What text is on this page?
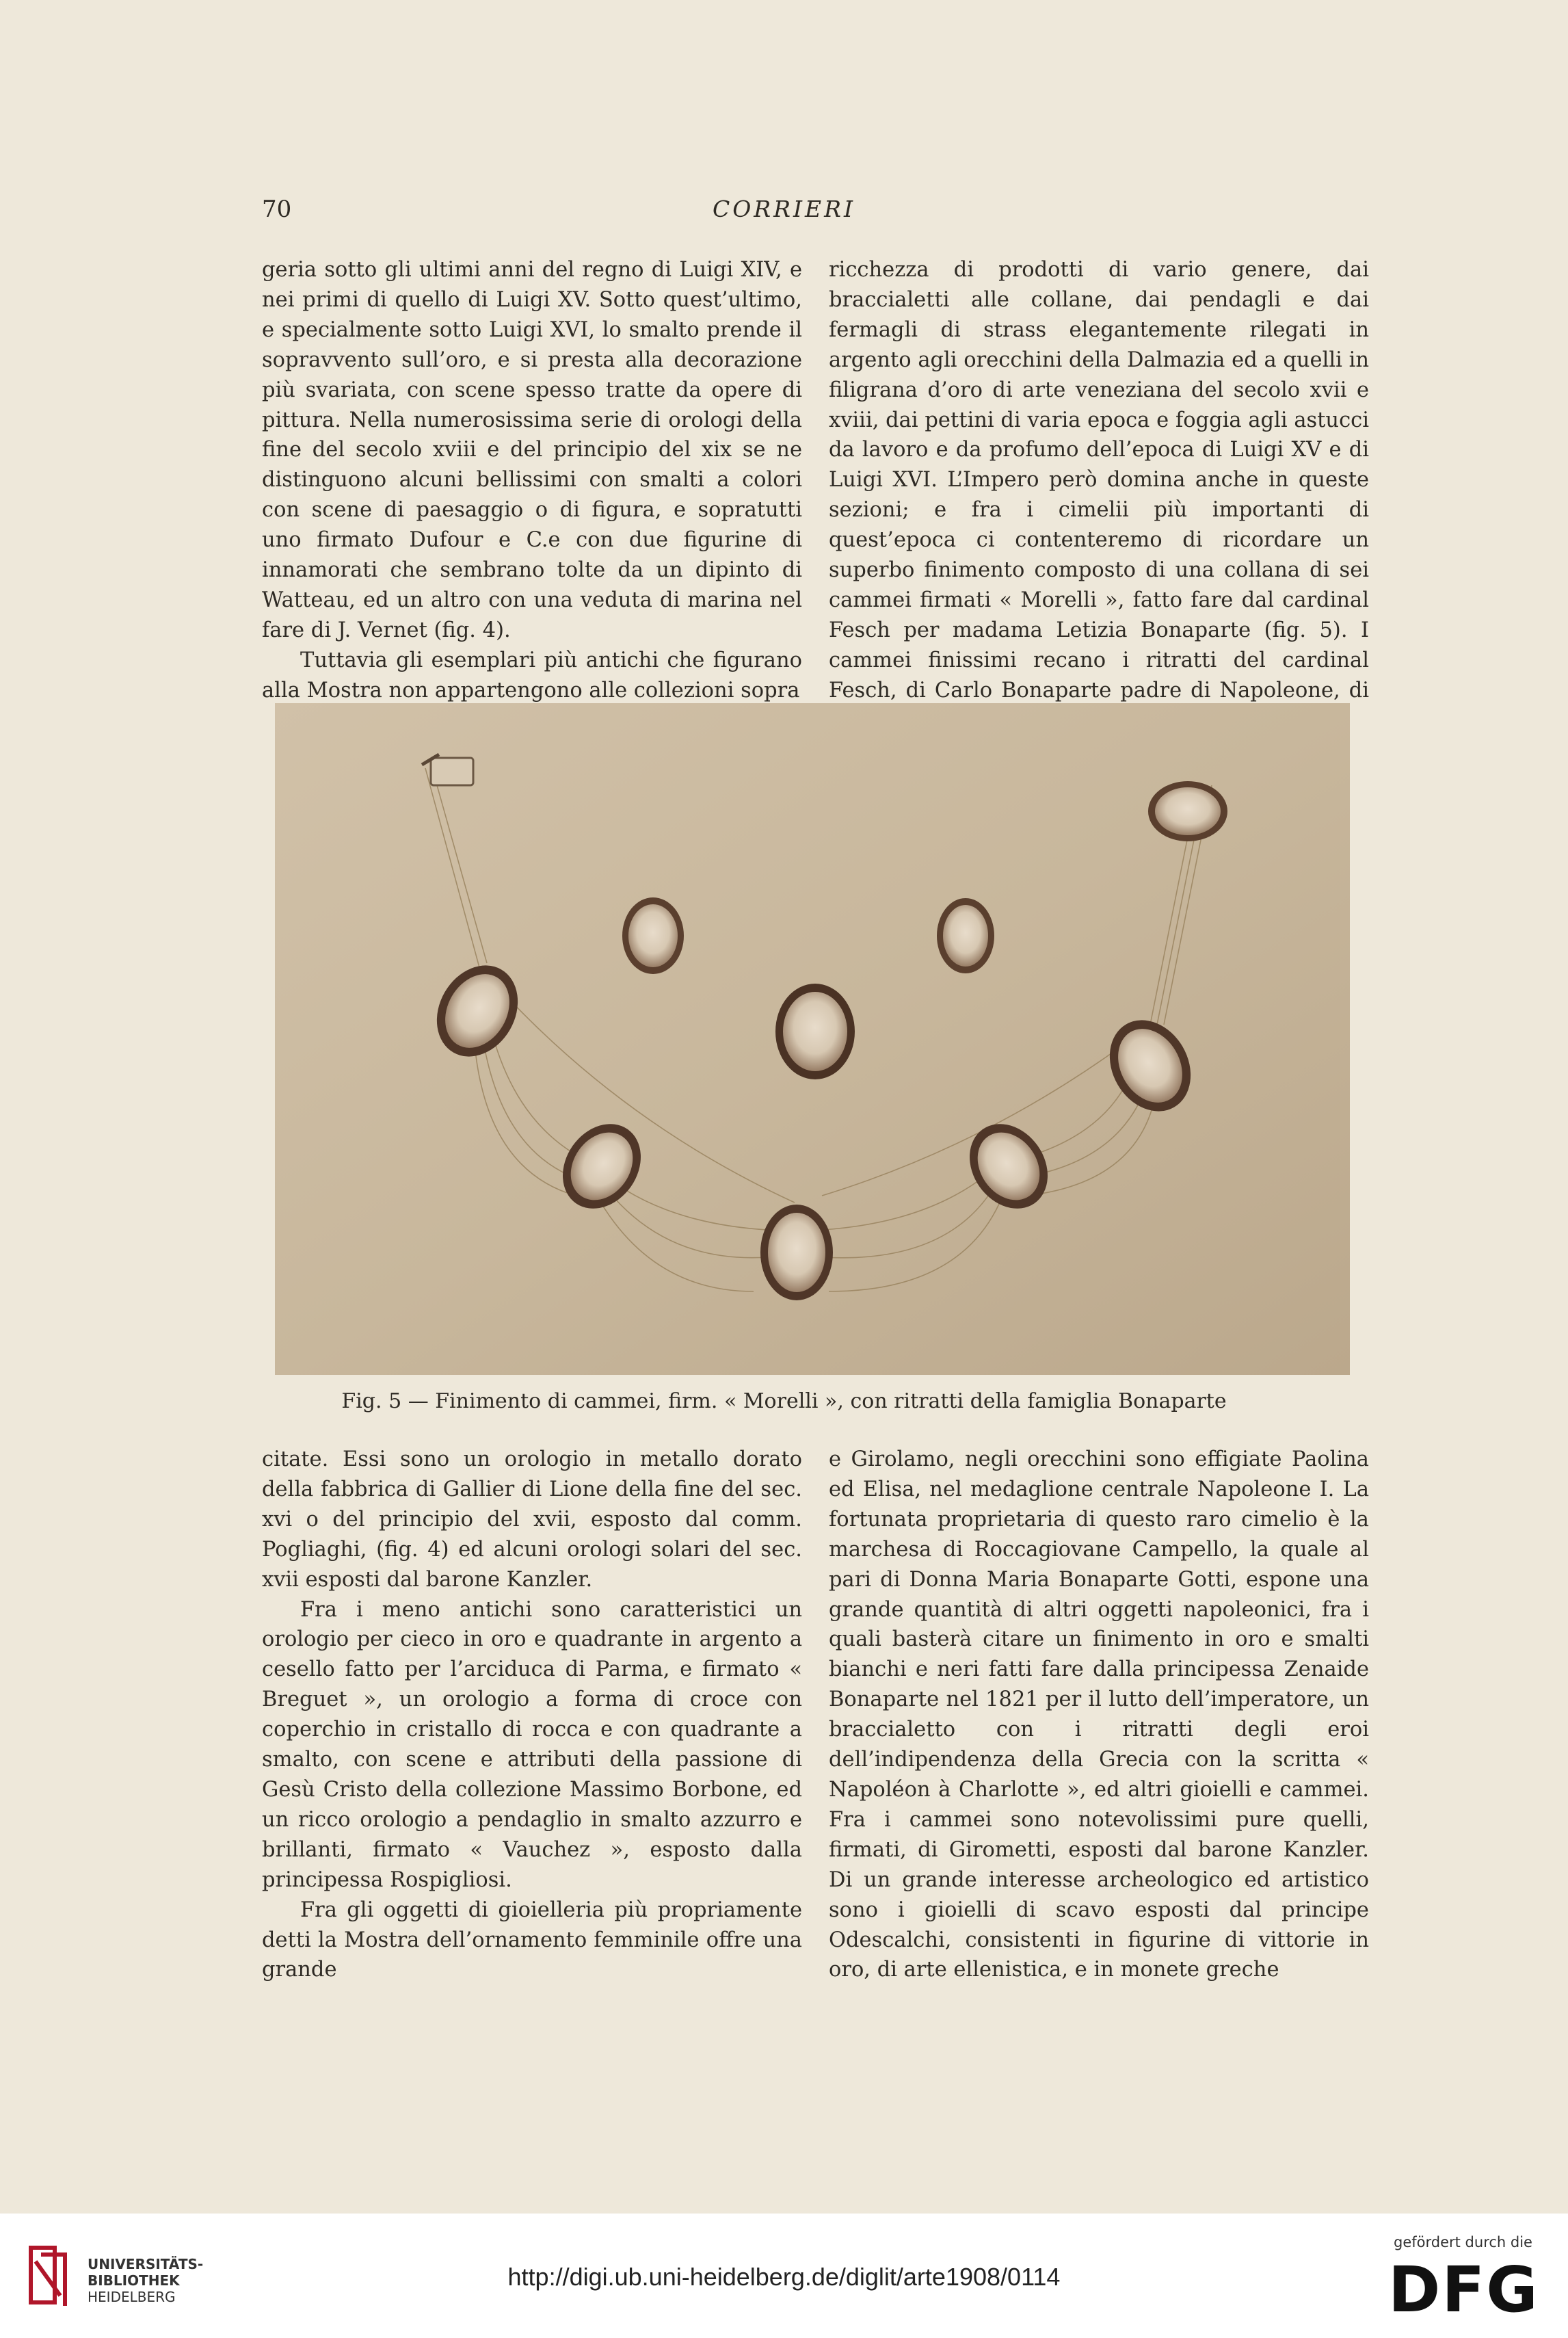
70	CORRIERI

geria sotto gli ultimi anni del regno di Luigi XIV, e nei primi di quello di Luigi XV. Sotto quest’ultimo, e specialmente sotto Luigi XVI, lo smalto prende il sopravvento sull’oro, e si presta alla decorazione più svariata, con scene spesso tratte da opere di pittura. Nella numerosissima serie di orologi della fine del secolo xviii e del principio del xix se ne distinguono alcuni bellissimi con smalti a colori con scene di paesaggio o di figura, e sopratutti uno firmato Dufour e C.e con due figurine di innamorati che sembrano tolte da un dipinto di Watteau, ed un altro con una veduta di marina nel fare di J. Vernet (fig. 4).

Tuttavia gli esemplari più antichi che figurano alla Mostra non appartengono alle collezioni sopra

ricchezza di prodotti di vario genere, dai braccialetti alle collane, dai pendagli e dai fermagli di strass elegantemente rilegati in argento agli orecchini della Dalmazia ed a quelli in filigrana d’oro di arte veneziana del secolo xvii e xviii, dai pettini di varia epoca e foggia agli astucci da lavoro e da profumo dell’epoca di Luigi XV e di Luigi XVI. L’Impero però domina anche in queste sezioni; e fra i cimelii più importanti di quest’epoca ci contenteremo di ricordare un superbo finimento composto di una collana di sei cammei firmati « Morelli », fatto fare dal cardinal Fesch per madama Letizia Bonaparte (fig. 5). I cammei finissimi recano i ritratti del cardinal Fesch, di Carlo Bonaparte padre di Napoleone, di

Fig. 5 — Finimento di cammei, firm. « Morelli », con ritratti della famiglia Bonaparte

citate. Essi sono un orologio in metallo dorato della fabbrica di Gallier di Lione della fine del sec. xvi o del principio del xvii, esposto dal comm. Pogliaghi, (fig. 4) ed alcuni orologi solari del sec. xvii esposti dal barone Kanzler.

Fra i meno antichi sono caratteristici un orologio per cieco in oro e quadrante in argento a cesello fatto per l’arciduca di Parma, e firmato « Breguet », un orologio a forma di croce con coperchio in cristallo di rocca e con quadrante a smalto, con scene e attributi della passione di Gesù Cristo della collezione Massimo Borbone, ed un ricco orologio a pendaglio in smalto azzurro e brillanti, firmato « Vauchez », esposto dalla principessa Rospigliosi.

Fra gli oggetti di gioielleria più propriamente detti la Mostra dell’ornamento femminile offre una grande

e Girolamo, negli orecchini sono effigiate Paolina ed Elisa, nel medaglione centrale Napoleone I. La fortunata proprietaria di questo raro cimelio è la marchesa di Roccagiovane Campello, la quale al pari di Donna Maria Bonaparte Gotti, espone una grande quantità di altri oggetti napoleonici, fra i quali basterà citare un finimento in oro e smalti bianchi e neri fatti fare dalla principessa Zenaide Bonaparte nel 1821 per il lutto dell’imperatore, un braccialetto con i ritratti degli eroi dell’indipendenza della Grecia con la scritta « Napoléon à Charlotte », ed altri gioielli e cammei. Fra i cammei sono notevolissimi pure quelli, firmati, di Girometti, esposti dal barone Kanzler. Di un grande interesse archeologico ed artistico sono i gioielli di scavo esposti dal principe Odescalchi, consistenti in figurine di vittorie in oro, di arte ellenistica, e in monete greche

UNIVERSITÄTS-
BIBLIOTHEK
HEIDELBERG
http://digi.ub.uni-heidelberg.de/diglit/arte1908/0114
gefördert durch die
DFG
